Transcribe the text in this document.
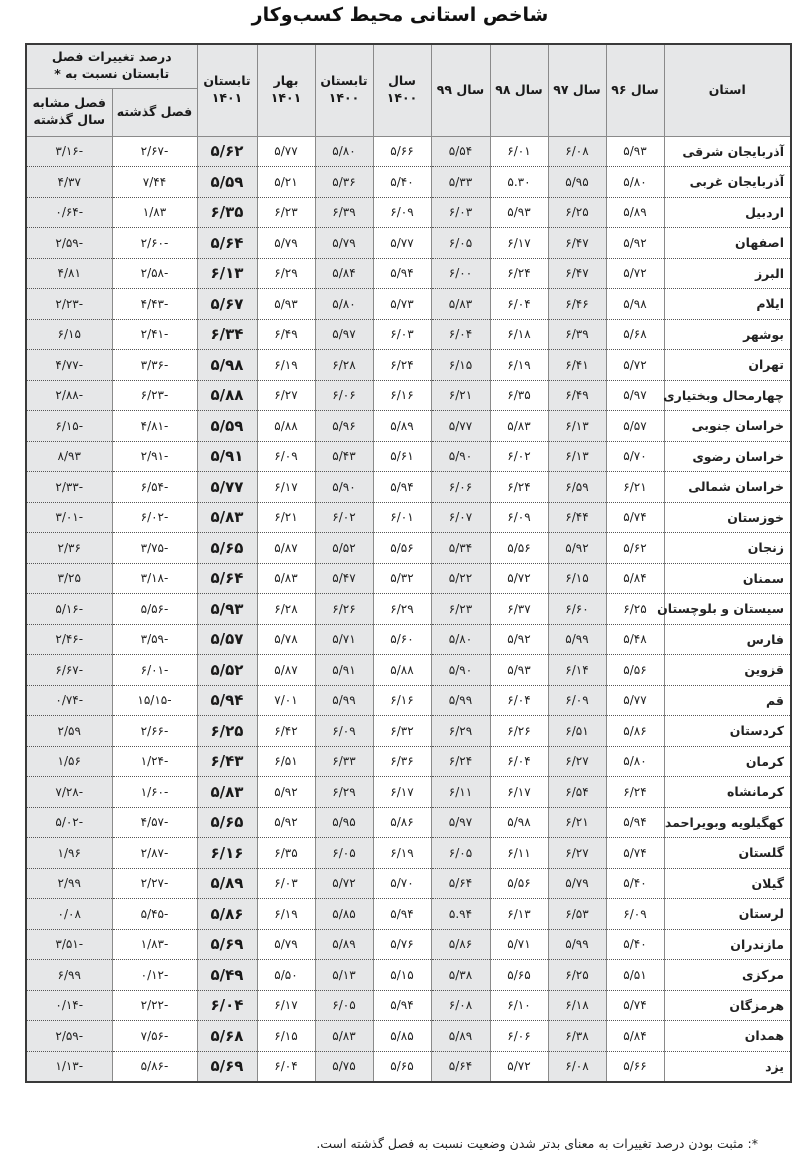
شاخص استانی محیط کسب‌وکار
استان	سال ۹۶	سال ۹۷	سال ۹۸	سال ۹۹	سال ۱۴۰۰	تابستان ۱۴۰۰	بهار ۱۴۰۱	تابستان ۱۴۰۱	درصد تغییرات فصل تابستان نسبت به *	
									فصل گذشته	فصل مشابه سال گذشته
آذربایجان شرقی	۵/۹۳	۶/۰۸	۶/۰۱	۵/۵۴	۵/۶۶	۵/۸۰	۵/۷۷	۵/۶۲	-۲/۶۷	-۳/۱۶
آذربایجان غربی	۵/۸۰	۵/۹۵	۵.۳۰	۵/۳۳	۵/۴۰	۵/۳۶	۵/۲۱	۵/۵۹	۷/۴۴	۴/۳۷
اردبیل	۵/۸۹	۶/۲۵	۵/۹۳	۶/۰۳	۶/۰۹	۶/۳۹	۶/۲۳	۶/۳۵	۱/۸۳	-۰/۶۴
اصفهان	۵/۹۲	۶/۴۷	۶/۱۷	۶/۰۵	۵/۷۷	۵/۷۹	۵/۷۹	۵/۶۴	-۲/۶۰	-۲/۵۹
البرز	۵/۷۲	۶/۴۷	۶/۲۴	۶/۰۰	۵/۹۴	۵/۸۴	۶/۲۹	۶/۱۳	-۲/۵۸	۴/۸۱
ایلام	۵/۹۸	۶/۴۶	۶/۰۴	۵/۸۳	۵/۷۳	۵/۸۰	۵/۹۳	۵/۶۷	-۴/۴۳	-۲/۲۳
بوشهر	۵/۶۸	۶/۳۹	۶/۱۸	۶/۰۴	۶/۰۳	۵/۹۷	۶/۴۹	۶/۳۴	-۲/۴۱	۶/۱۵
تهران	۵/۷۲	۶/۴۱	۶/۱۹	۶/۱۵	۶/۲۴	۶/۲۸	۶/۱۹	۵/۹۸	-۳/۳۶	-۴/۷۷
چهارمحال وبختیاری	۵/۹۷	۶/۴۹	۶/۳۵	۶/۲۱	۶/۱۶	۶/۰۶	۶/۲۷	۵/۸۸	-۶/۲۳	-۲/۸۸
خراسان جنوبی	۵/۵۷	۶/۱۳	۵/۸۳	۵/۷۷	۵/۸۹	۵/۹۶	۵/۸۸	۵/۵۹	-۴/۸۱	-۶/۱۵
خراسان رضوی	۵/۷۰	۶/۱۳	۶/۰۲	۵/۹۰	۵/۶۱	۵/۴۳	۶/۰۹	۵/۹۱	-۲/۹۱	۸/۹۳
خراسان شمالی	۶/۲۱	۶/۵۹	۶/۲۴	۶/۰۶	۵/۹۴	۵/۹۰	۶/۱۷	۵/۷۷	-۶/۵۴	-۲/۳۳
خوزستان	۵/۷۴	۶/۴۴	۶/۰۹	۶/۰۷	۶/۰۱	۶/۰۲	۶/۲۱	۵/۸۳	-۶/۰۲	-۳/۰۱
زنجان	۵/۶۲	۵/۹۲	۵/۵۶	۵/۳۴	۵/۵۶	۵/۵۲	۵/۸۷	۵/۶۵	-۳/۷۵	۲/۳۶
سمنان	۵/۸۴	۶/۱۵	۵/۷۲	۵/۲۲	۵/۳۲	۵/۴۷	۵/۸۳	۵/۶۴	-۳/۱۸	۳/۲۵
سیستان و بلوچستان	۶/۲۵	۶/۶۰	۶/۳۷	۶/۲۳	۶/۲۹	۶/۲۶	۶/۲۸	۵/۹۳	-۵/۵۶	-۵/۱۶
فارس	۵/۴۸	۵/۹۹	۵/۹۲	۵/۸۰	۵/۶۰	۵/۷۱	۵/۷۸	۵/۵۷	-۳/۵۹	-۲/۴۶
قزوین	۵/۵۶	۶/۱۴	۵/۹۳	۵/۹۰	۵/۸۸	۵/۹۱	۵/۸۷	۵/۵۲	-۶/۰۱	-۶/۶۷
قم	۵/۷۷	۶/۰۹	۶/۰۴	۵/۹۹	۶/۱۶	۵/۹۹	۷/۰۱	۵/۹۴	-۱۵/۱۵	-۰/۷۴
کردستان	۵/۸۶	۶/۵۱	۶/۲۶	۶/۲۹	۶/۳۲	۶/۰۹	۶/۴۲	۶/۲۵	-۲/۶۶	۲/۵۹
کرمان	۵/۸۰	۶/۲۷	۶/۰۴	۶/۲۴	۶/۳۶	۶/۳۳	۶/۵۱	۶/۴۳	-۱/۲۴	۱/۵۶
کرمانشاه	۶/۲۴	۶/۵۴	۶/۱۷	۶/۱۱	۶/۱۷	۶/۲۹	۵/۹۲	۵/۸۳	-۱/۶۰	-۷/۲۸
کهگیلویه وبویراحمد	۵/۹۴	۶/۲۱	۵/۹۸	۵/۹۷	۵/۸۶	۵/۹۵	۵/۹۲	۵/۶۵	-۴/۵۷	-۵/۰۲
گلستان	۵/۷۴	۶/۲۷	۶/۱۱	۶/۰۵	۶/۱۹	۶/۰۵	۶/۳۵	۶/۱۶	-۲/۸۷	۱/۹۶
گیلان	۵/۴۰	۵/۷۹	۵/۵۶	۵/۶۴	۵/۷۰	۵/۷۲	۶/۰۳	۵/۸۹	-۲/۲۷	۲/۹۹
لرستان	۶/۰۹	۶/۵۳	۶/۱۳	۵.۹۴	۵/۹۴	۵/۸۵	۶/۱۹	۵/۸۶	-۵/۴۵	۰/۰۸
مازندران	۵/۴۰	۵/۹۹	۵/۷۱	۵/۸۶	۵/۷۶	۵/۸۹	۵/۷۹	۵/۶۹	-۱/۸۳	-۳/۵۱
مرکزی	۵/۵۱	۶/۲۵	۵/۶۵	۵/۳۸	۵/۱۵	۵/۱۳	۵/۵۰	۵/۴۹	-۰/۱۲	۶/۹۹
هرمزگان	۵/۷۴	۶/۱۸	۶/۱۰	۶/۰۸	۵/۹۴	۶/۰۵	۶/۱۷	۶/۰۴	-۲/۲۲	-۰/۱۴
همدان	۵/۸۴	۶/۳۸	۶/۰۶	۵/۸۹	۵/۸۵	۵/۸۳	۶/۱۵	۵/۶۸	-۷/۵۶	-۲/۵۹
یزد	۵/۶۶	۶/۰۸	۵/۷۲	۵/۶۴	۵/۶۵	۵/۷۵	۶/۰۴	۵/۶۹	-۵/۸۶	-۱/۱۳
*: مثبت بودن درصد تغییرات به معنای بدتر شدن وضعیت نسبت به فصل گذشته است.
